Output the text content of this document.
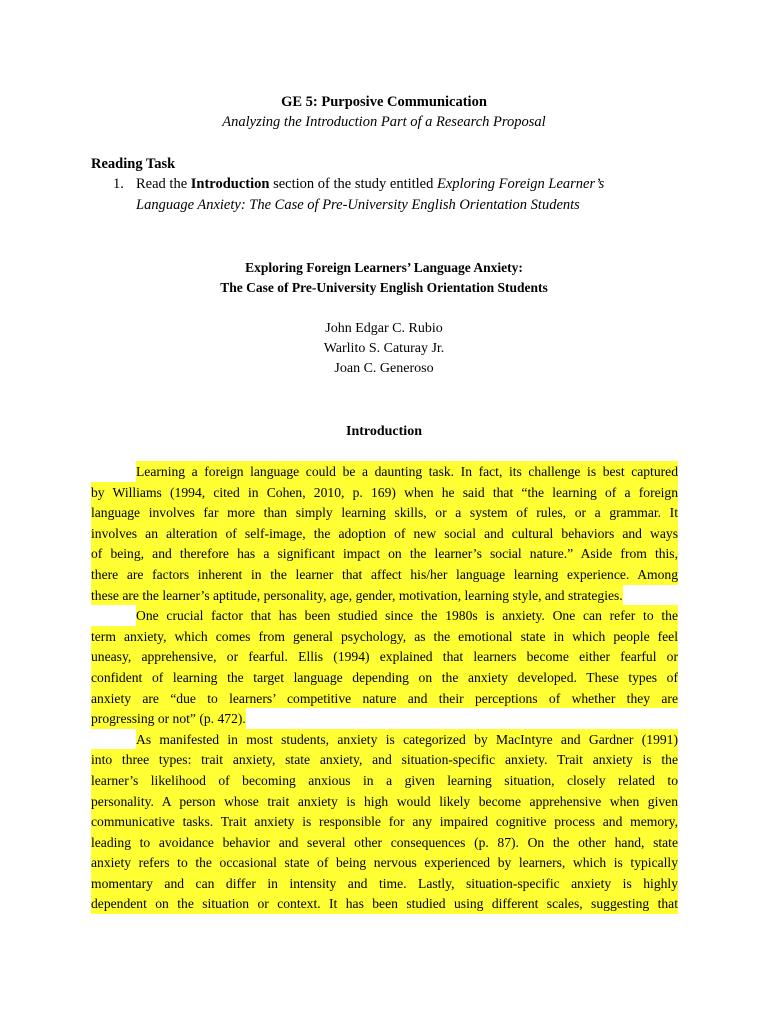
GE 5: Purposive Communication
Analyzing the Introduction Part of a Research Proposal
Reading Task
1. Read the Introduction section of the study entitled Exploring Foreign Learner’s
Language Anxiety: The Case of Pre-University English Orientation Students
Exploring Foreign Learners’ Language Anxiety:
The Case of Pre-University English Orientation Students
John Edgar C. Rubio
Warlito S. Caturay Jr.
Joan C. Generoso
Introduction
Learning a foreign language could be a daunting task. In fact, its challenge is best captured
by Williams (1994, cited in Cohen, 2010, p. 169) when he said that “the learning of a foreign
language involves far more than simply learning skills, or a system of rules, or a grammar. It
involves an alteration of self-image, the adoption of new social and cultural behaviors and ways
of being, and therefore has a significant impact on the learner’s social nature.” Aside from this,
there are factors inherent in the learner that affect his/her language learning experience. Among
these are the learner’s aptitude, personality, age, gender, motivation, learning style, and strategies.
One crucial factor that has been studied since the 1980s is anxiety. One can refer to the
term anxiety, which comes from general psychology, as the emotional state in which people feel
uneasy, apprehensive, or fearful. Ellis (1994) explained that learners become either fearful or
confident of learning the target language depending on the anxiety developed. These types of
anxiety are “due to learners’ competitive nature and their perceptions of whether they are
progressing or not” (p. 472).
As manifested in most students, anxiety is categorized by MacIntyre and Gardner (1991)
into three types: trait anxiety, state anxiety, and situation-specific anxiety. Trait anxiety is the
learner’s likelihood of becoming anxious in a given learning situation, closely related to
personality. A person whose trait anxiety is high would likely become apprehensive when given
communicative tasks. Trait anxiety is responsible for any impaired cognitive process and memory,
leading to avoidance behavior and several other consequences (p. 87). On the other hand, state
anxiety refers to the occasional state of being nervous experienced by learners, which is typically
momentary and can differ in intensity and time. Lastly, situation-specific anxiety is highly
dependent on the situation or context. It has been studied using different scales, suggesting that
